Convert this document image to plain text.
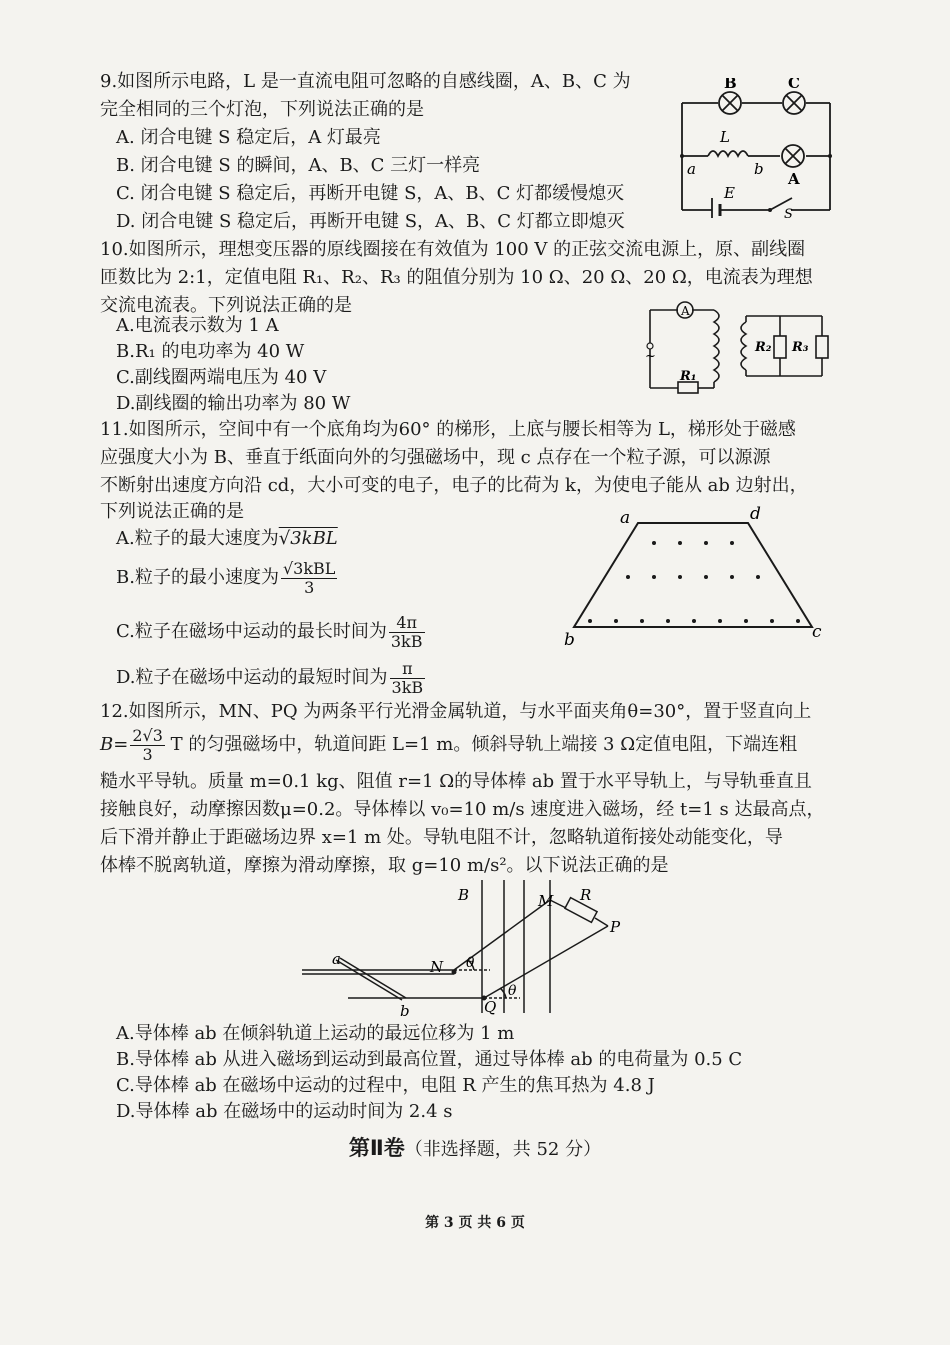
9.如图所示电路，L 是一直流电阻可忽略的自感线圈，A、B、C 为
完全相同的三个灯泡，下列说法正确的是
A. 闭合电键 S 稳定后，A 灯最亮
B. 闭合电键 S 的瞬间，A、B、C 三灯一样亮
C. 闭合电键 S 稳定后，再断开电键 S，A、B、C 灯都缓慢熄灭
D. 闭合电键 S 稳定后，再断开电键 S，A、B、C 灯都立即熄灭
B	C
L
a	b
A
E
S
10.如图所示，理想变压器的原线圈接在有效值为 100 V 的正弦交流电源上，原、副线圈
匝数比为 2:1，定值电阻 R₁、R₂、R₃ 的阻值分别为 10 Ω、20 Ω、20 Ω，电流表为理想
交流电流表。下列说法正确的是
A.电流表示数为 1 A
B.R₁ 的电功率为 40 W
C.副线圈两端电压为 40 V
D.副线圈的输出功率为 80 W
A
~
R₁
R₂ R₃
11.如图所示，空间中有一个底角均为60° 的梯形，上底与腰长相等为 L，梯形处于磁感
应强度大小为 B、垂直于纸面向外的匀强磁场中，现 c 点存在一个粒子源，可以源源
不断射出速度方向沿 cd，大小可变的电子，电子的比荷为 k，为使电子能从 ab 边射出，
下列说法正确的是
A.粒子的最大速度为√3kBL
B.粒子的最小速度为 $\frac{\text{√3kBL}}{3}$
C.粒子在磁场中运动的最长时间为 $\frac{4\pi}{3kB}$
D.粒子在磁场中运动的最短时间为 $\frac{\pi}{3kB}$
a	d
b	c
12.如图所示，MN、PQ 为两条平行光滑金属轨道，与水平面夹角θ=30°，置于竖直向上
$B= \frac{2√3}{3}$ T 的匀强磁场中，轨道间距 L=1 m。倾斜导轨上端接 3 Ω定值电阻，下端连粗
糙水平导轨。质量 m=0.1 kg、阻值 r=1 Ω的导体棒 ab 置于水平导轨上，与导轨垂直且
接触良好，动摩擦因数μ=0.2。导体棒以 v₀=10 m/s 速度进入磁场，经 t=1 s 达最高点，
后下滑并静止于距磁场边界 x=1 m 处。导轨电阻不计，忽略轨道衔接处动能变化，导
体棒不脱离轨道，摩擦为滑动摩擦，取 g=10 m/s²。以下说法正确的是
B	M R
P
N
Q
θ
θ
a
b
A.导体棒 ab 在倾斜轨道上运动的最远位移为 1 m
B.导体棒 ab 从进入磁场到运动到最高位置，通过导体棒 ab 的电荷量为 0.5 C
C.导体棒 ab 在磁场中运动的过程中，电阻 R 产生的焦耳热为 4.8 J
D.导体棒 ab 在磁场中的运动时间为 2.4 s
第Ⅱ卷（非选择题，共 52 分）
第 3 页 共 6 页
